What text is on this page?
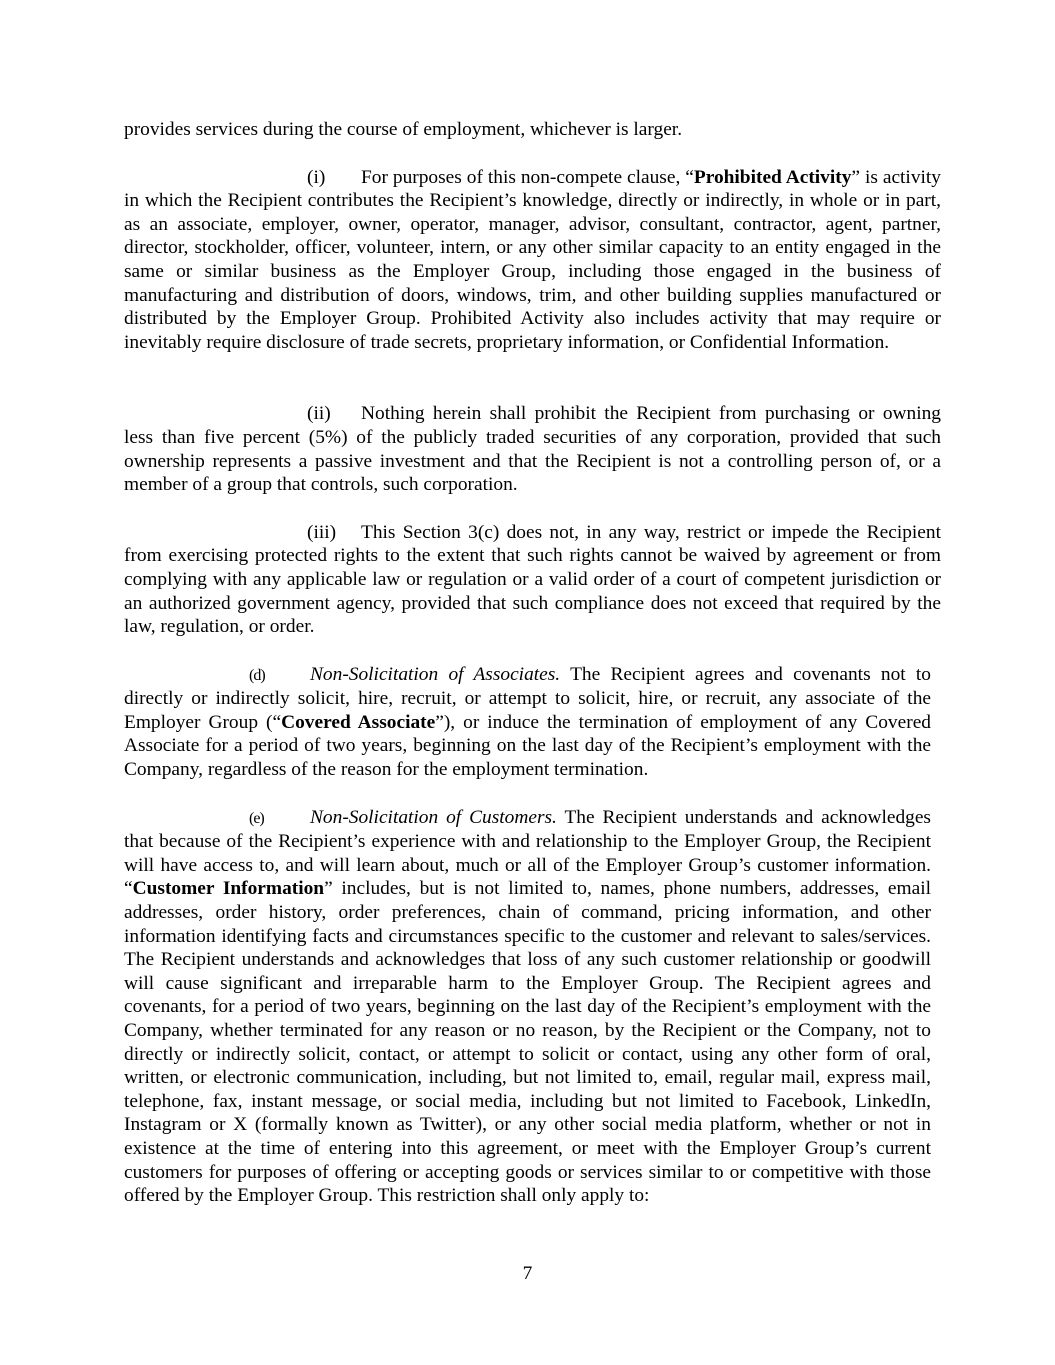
provides services during the course of employment, whichever is larger.

(i) For purposes of this non-compete clause, “Prohibited Activity” is activity in which the Recipient contributes the Recipient’s knowledge, directly or indirectly, in whole or in part, as an associate, employer, owner, operator, manager, advisor, consultant, contractor, agent, partner, director, stockholder, officer, volunteer, intern, or any other similar capacity to an entity engaged in the same or similar business as the Employer Group, including those engaged in the business of manufacturing and distribution of doors, windows, trim, and other building supplies manufactured or distributed by the Employer Group. Prohibited Activity also includes activity that may require or inevitably require disclosure of trade secrets, proprietary information, or Confidential Information.

(ii) Nothing herein shall prohibit the Recipient from purchasing or owning less than five percent (5%) of the publicly traded securities of any corporation, provided that such ownership represents a passive investment and that the Recipient is not a controlling person of, or a member of a group that controls, such corporation.

(iii) This Section 3(c) does not, in any way, restrict or impede the Recipient from exercising protected rights to the extent that such rights cannot be waived by agreement or from complying with any applicable law or regulation or a valid order of a court of competent jurisdiction or an authorized government agency, provided that such compliance does not exceed that required by the law, regulation, or order.

(d) Non-Solicitation of Associates. The Recipient agrees and covenants not to directly or indirectly solicit, hire, recruit, or attempt to solicit, hire, or recruit, any associate of the Employer Group (“Covered Associate”), or induce the termination of employment of any Covered Associate for a period of two years, beginning on the last day of the Recipient’s employment with the Company, regardless of the reason for the employment termination.

(e) Non-Solicitation of Customers. The Recipient understands and acknowledges that because of the Recipient’s experience with and relationship to the Employer Group, the Recipient will have access to, and will learn about, much or all of the Employer Group’s customer information. “Customer Information” includes, but is not limited to, names, phone numbers, addresses, email addresses, order history, order preferences, chain of command, pricing information, and other information identifying facts and circumstances specific to the customer and relevant to sales/services. The Recipient understands and acknowledges that loss of any such customer relationship or goodwill will cause significant and irreparable harm to the Employer Group. The Recipient agrees and covenants, for a period of two years, beginning on the last day of the Recipient’s employment with the Company, whether terminated for any reason or no reason, by the Recipient or the Company, not to directly or indirectly solicit, contact, or attempt to solicit or contact, using any other form of oral, written, or electronic communication, including, but not limited to, email, regular mail, express mail, telephone, fax, instant message, or social media, including but not limited to Facebook, LinkedIn, Instagram or X (formally known as Twitter), or any other social media platform, whether or not in existence at the time of entering into this agreement, or meet with the Employer Group’s current customers for purposes of offering or accepting goods or services similar to or competitive with those offered by the Employer Group. This restriction shall only apply to:

7
